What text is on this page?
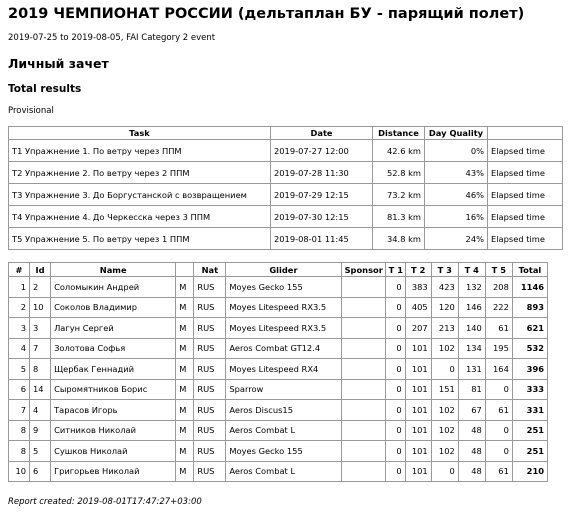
2019 ЧЕМПИОНАТ РОССИИ (дельтаплан БУ - парящий полет)
2019-07-25 to 2019-08-05, FAI Category 2 event
Личный зачет
Total results
Provisional
Task	Date	Distance	Day Quality	
T1 Упражнение 1. По ветру через ППМ	2019-07-27 12:00	42.6 km	0%	Elapsed time
T2 Упражнение 2. По ветру через 2 ППМ	2019-07-28 11:30	52.8 km	43%	Elapsed time
T3 Упражнение 3. До Боргустанской с возвращением	2019-07-29 12:15	73.2 km	46%	Elapsed time
T4 Упражнение 4. До Черкесска через 3 ППМ	2019-07-30 12:15	81.3 km	16%	Elapsed time
T5 Упражнение 5. По ветру через 1 ППМ	2019-08-01 11:45	34.8 km	24%	Elapsed time
#	Id	Name		Nat	Glider	Sponsor	T 1	T 2	T 3	T 4	T 5	Total
1	2	Соломыкин Андрей	M	RUS	Moyes Gecko 155		0	383	423	132	208	1146
2	10	Соколов Владимир	M	RUS	Moyes Litespeed RX3.5		0	405	120	146	222	893
3	3	Лагун Сергей	M	RUS	Moyes Litespeed RX3.5		0	207	213	140	61	621
4	7	Золотова Софья	M	RUS	Aeros Combat GT12.4		0	101	102	134	195	532
5	8	Щербак Геннадий	M	RUS	Moyes Litespeed RX4		0	101	0	131	164	396
6	14	Сыромятников Борис	M	RUS	Sparrow		0	101	151	81	0	333
7	4	Тарасов Игорь	M	RUS	Aeros Discus15		0	101	102	67	61	331
8	9	Ситников Николай	M	RUS	Aeros Combat L		0	101	102	48	0	251
8	5	Сушков Николай	M	RUS	Moyes Gecko 155		0	101	102	48	0	251
10	6	Григорьев Николай	M	RUS	Aeros Combat L		0	101	0	48	61	210
Report created: 2019-08-01T17:47:27+03:00
